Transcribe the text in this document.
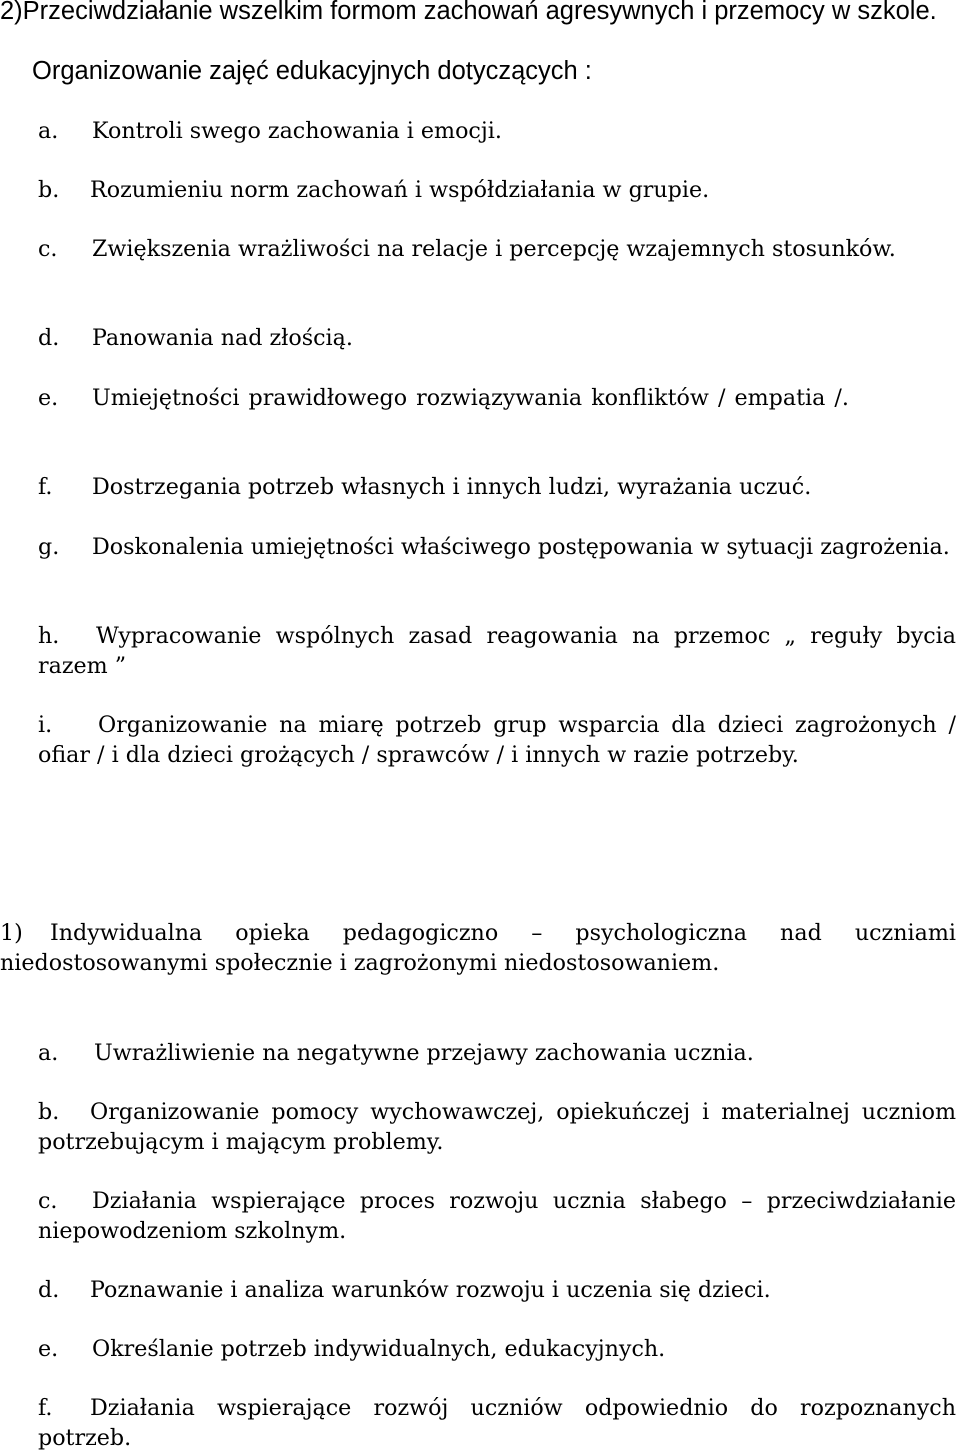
2)Przeciwdziałanie wszelkim formom zachowań agresywnych i przemocy w szkole.
Organizowanie zajęć edukacyjnych dotyczących :
a.	Kontroli swego zachowania i emocji.
b.	Rozumieniu norm zachowań i współdziałania w grupie.
c.	Zwiększenia wrażliwości na relacje i percepcję wzajemnych stosunków.
d.	Panowania nad złością.
e.	Umiejętności prawidłowego rozwiązywania konfliktów / empatia /.
f.	Dostrzegania potrzeb własnych i innych ludzi, wyrażania uczuć.
g.	Doskonalenia umiejętności właściwego postępowania w sytuacji zagrożenia.
h.	Wypracowanie wspólnych zasad reagowania na przemoc „ reguły bycia razem ”
i.	Organizowanie na miarę potrzeb grup wsparcia dla dzieci zagrożonych / ofiar / i dla dzieci grożących / sprawców / i innych w razie potrzeby.
1)	Indywidualna opieka pedagogiczno – psychologiczna nad uczniami niedostosowanymi społecznie i zagrożonymi niedostosowaniem.
a.	Uwrażliwienie na negatywne przejawy zachowania ucznia.
b.	Organizowanie pomocy wychowawczej, opiekuńczej i materialnej uczniom potrzebującym i mającym problemy.
c.	Działania wspierające proces rozwoju ucznia słabego – przeciwdziałanie niepowodzeniom szkolnym.
d.	Poznawanie i analiza warunków rozwoju i uczenia się dzieci.
e.	Określanie potrzeb indywidualnych, edukacyjnych.
f.	Działania wspierające rozwój uczniów odpowiednio do rozpoznanych potrzeb.
